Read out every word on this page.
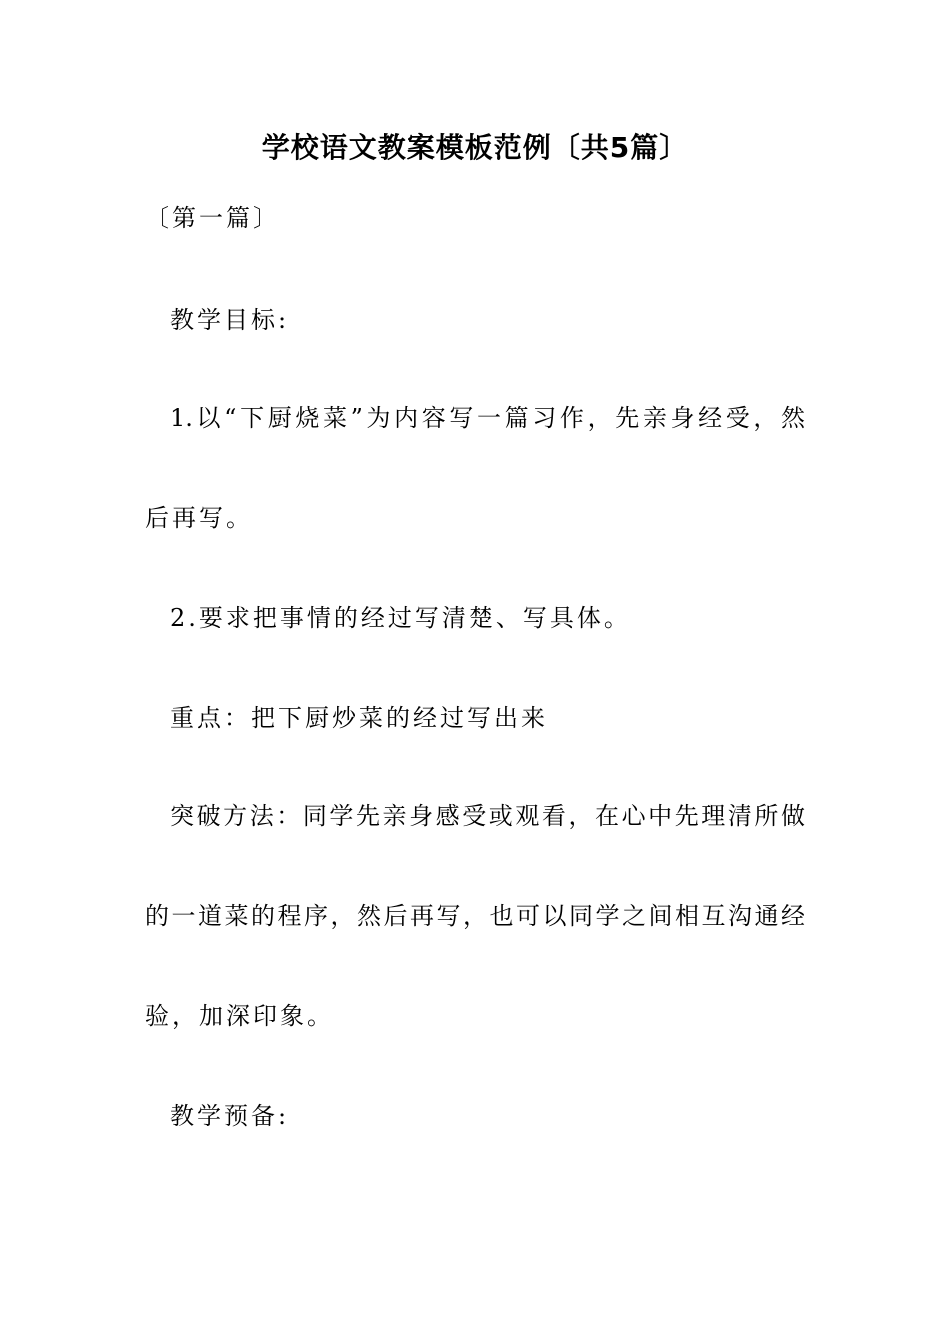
学校语文教案模板范例〔共5篇〕
〔第一篇〕
教学目标:
1.以“下厨烧菜”为内容写一篇习作，先亲身经受，然
后再写。
2.要求把事情的经过写清楚、写具体。
重点：把下厨炒菜的经过写出来
突破方法：同学先亲身感受或观看，在心中先理清所做
的一道菜的程序，然后再写，也可以同学之间相互沟通经
验，加深印象。
教学预备:
